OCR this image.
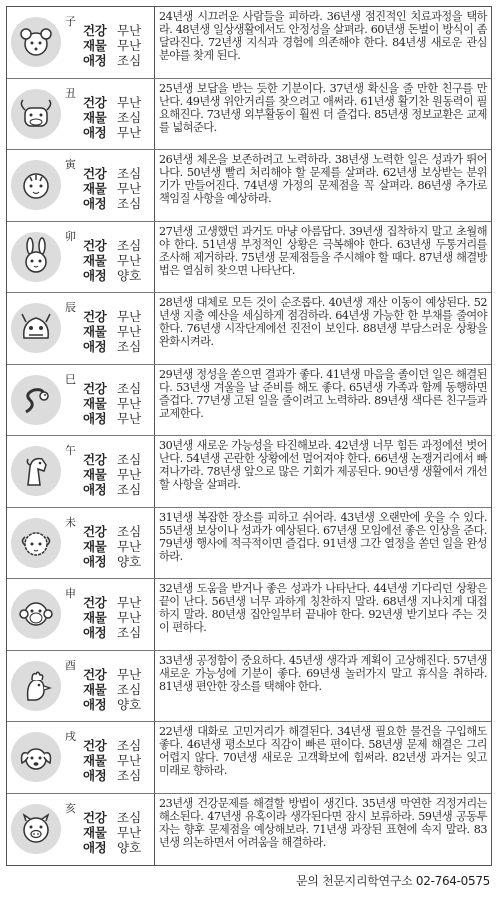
子
건강 무난
재물 무난
애정 조심
24년생 시끄러운 사람들을 피하라. 36년생 점진적인 치료과정을 택하라. 48년생 일상생활에서도 안정성을 살펴라. 60년생 돈벌이 방식이 좀 달라진다. 72년생 지식과 경험에 의존해야 한다. 84년생 새로운 관심 분야를 찾게 된다.
丑
건강 무난
재물 조심
애정 무난
25년생 보답을 받는 듯한 기분이다. 37년생 확신을 줄 만한 친구를 만난다. 49년생 위안거리를 찾으려고 애써라. 61년생 활기찬 원동력이 필요해진다. 73년생 외부활동이 훨씬 더 즐겁다. 85년생 정보교환은 교제를 넓혀준다.
寅
건강 조심
재물 무난
애정 조심
26년생 체온을 보존하려고 노력하라. 38년생 노력한 일은 성과가 뛰어나다. 50년생 빨리 처리해야 할 문제를 살펴라. 62년생 보상받는 분위기가 만들어진다. 74년생 가정의 문제점을 꼭 살펴라. 86년생 추가로 책임질 사항을 예상하라.
卯
건강 조심
재물 무난
애정 양호
27년생 고생했던 과거도 마냥 아름답다. 39년생 집착하지 말고 초월해야 한다. 51년생 부정적인 상황은 극복해야 한다. 63년생 두통거리를 조사해 제거하라. 75년생 문제점들을 주시해야 할 때다. 87년생 해결방법은 열심히 찾으면 나타난다.
辰
건강 무난
재물 무난
애정 조심
28년생 대체로 모든 것이 순조롭다. 40년생 재산 이동이 예상된다. 52년생 지출 예산을 세심하게 점검하라. 64년생 가능한 한 부채를 줄여야 한다. 76년생 시작단계에선 진전이 보인다. 88년생 부담스러운 상황을 완화시켜라.
巳
건강 조심
재물 무난
애정 무난
29년생 정성을 쏟으면 결과가 좋다. 41년생 마음을 졸이던 일은 해결된다. 53년생 겨울을 날 준비를 해도 좋다. 65년생 가족과 함께 동행하면 즐겁다. 77년생 고된 일을 줄이려고 노력하라. 89년생 색다른 친구들과 교제한다.
午
건강 조심
재물 무난
애정 조심
30년생 새로운 가능성을 타진해보라. 42년생 너무 힘든 과정에선 벗어난다. 54년생 곤란한 상황에선 멀어져야 한다. 66년생 논쟁거리에서 빠져나가라. 78년생 앞으로 많은 기회가 제공된다. 90년생 생활에서 개선할 사항을 살펴라.
未
건강 조심
재물 무난
애정 양호
31년생 복잡한 장소를 피하고 쉬어라. 43년생 오랜만에 웃을 수 있다. 55년생 보상이나 성과가 예상된다. 67년생 모임에선 좋은 인상을 준다. 79년생 행사에 적극적이면 즐겁다. 91년생 그간 열정을 쏟던 일을 완성하라.
申
건강 무난
재물 무난
애정 조심
32년생 도움을 받거나 좋은 성과가 나타난다. 44년생 기다리던 상황은 끝이 난다. 56년생 너무 과하게 칭찬하지 말라. 68년생 지나치게 대접하지 말라. 80년생 집안일부터 끝내야 한다. 92년생 받기보다 주는 것이 편하다.
酉
건강 무난
재물 조심
애정 양호
33년생 공정함이 중요하다. 45년생 생각과 계획이 고상해진다. 57년생 새로운 가능성에 기분이 좋다. 69년생 놀러가지 말고 휴식을 취하라. 81년생 편안한 장소를 택해야 한다.
戌
건강 조심
재물 무난
애정 조심
22년생 대화로 고민거리가 해결된다. 34년생 필요한 물건을 구입해도 좋다. 46년생 평소보다 직감이 빠른 편이다. 58년생 문제 해결은 그리 어렵지 않다. 70년생 새로운 고객확보에 힘써라. 82년생 과거는 잊고 미래로 향하라.
亥
건강 조심
재물 무난
애정 양호
23년생 건강문제를 해결할 방법이 생긴다. 35년생 막연한 걱정거리는 해소된다. 47년생 유혹이라 생각된다면 잠시 보류하라. 59년생 공동투자는 향후 문제점을 예상해보라. 71년생 과장된 표현에 속지 말라. 83년생 의논하면서 어려움을 해결하라.
문의 천문지리학연구소 02-764-0575
